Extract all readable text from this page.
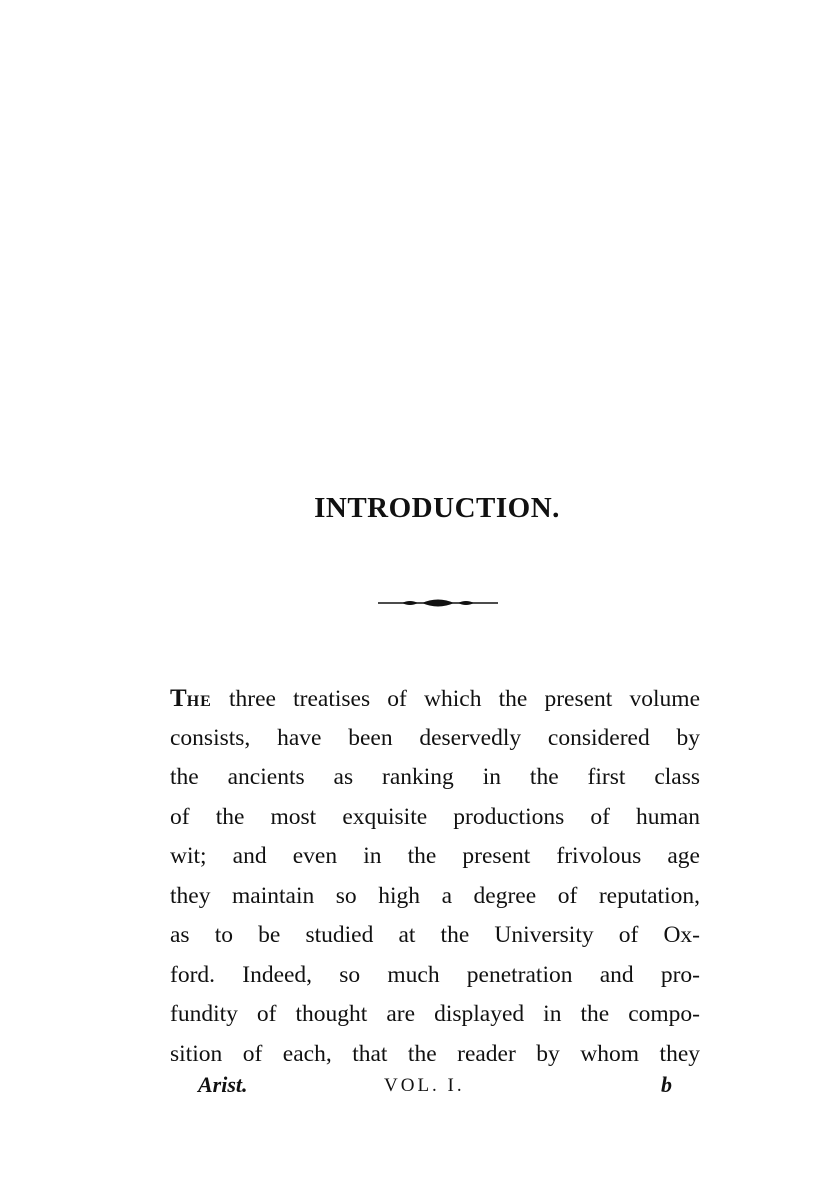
INTRODUCTION.
THE three treatises of which the present volume
consists, have been deservedly considered by
the ancients as ranking in the first class
of the most exquisite productions of human
wit; and even in the present frivolous age
they maintain so high a degree of reputation,
as to be studied at the University of Ox-
ford. Indeed, so much penetration and pro-
fundity of thought are displayed in the compo-
sition of each, that the reader by whom they
Arist.	VOL. I.	b
